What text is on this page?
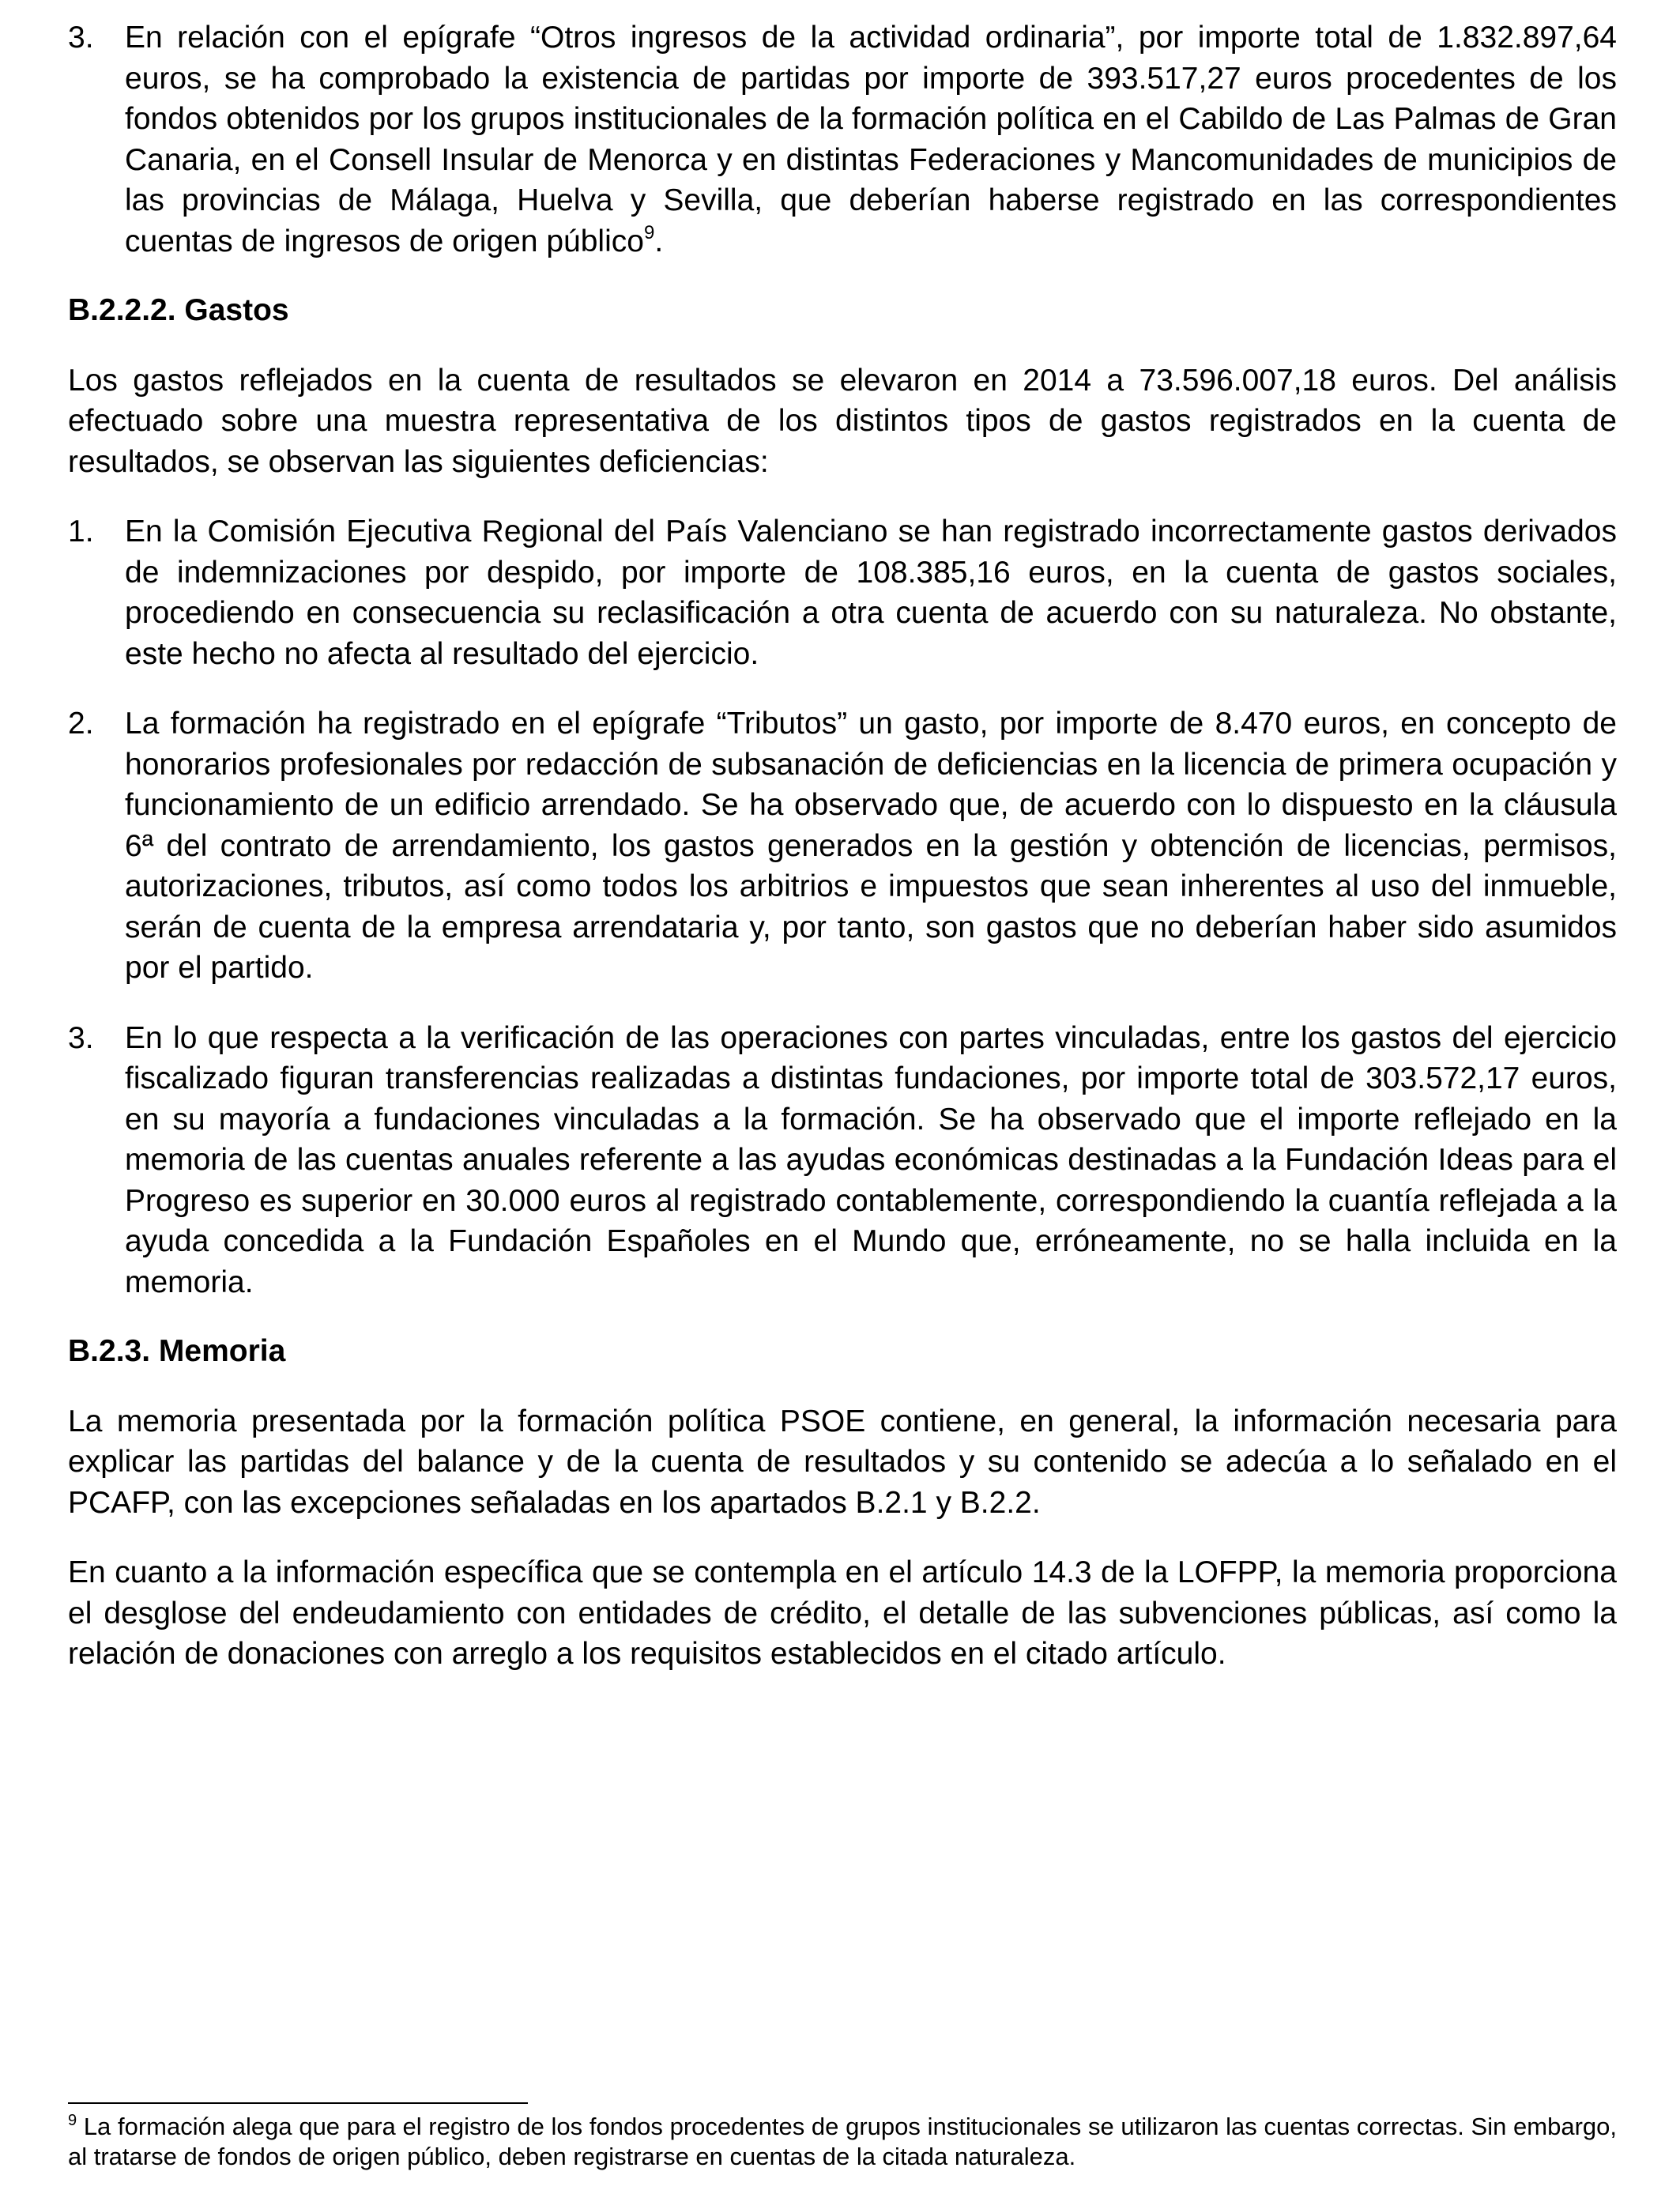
3. En relación con el epígrafe “Otros ingresos de la actividad ordinaria”, por importe total de 1.832.897,64 euros, se ha comprobado la existencia de partidas por importe de 393.517,27 euros procedentes de los fondos obtenidos por los grupos institucionales de la formación política en el Cabildo de Las Palmas de Gran Canaria, en el Consell Insular de Menorca y en distintas Federaciones y Mancomunidades de municipios de las provincias de Málaga, Huelva y Sevilla, que deberían haberse registrado en las correspondientes cuentas de ingresos de origen público$^9$.

B.2.2.2. Gastos

Los gastos reflejados en la cuenta de resultados se elevaron en 2014 a 73.596.007,18 euros. Del análisis efectuado sobre una muestra representativa de los distintos tipos de gastos registrados en la cuenta de resultados, se observan las siguientes deficiencias:

1. En la Comisión Ejecutiva Regional del País Valenciano se han registrado incorrectamente gastos derivados de indemnizaciones por despido, por importe de 108.385,16 euros, en la cuenta de gastos sociales, procediendo en consecuencia su reclasificación a otra cuenta de acuerdo con su naturaleza. No obstante, este hecho no afecta al resultado del ejercicio.
2. La formación ha registrado en el epígrafe “Tributos” un gasto, por importe de 8.470 euros, en concepto de honorarios profesionales por redacción de subsanación de deficiencias en la licencia de primera ocupación y funcionamiento de un edificio arrendado. Se ha observado que, de acuerdo con lo dispuesto en la cláusula 6ª del contrato de arrendamiento, los gastos generados en la gestión y obtención de licencias, permisos, autorizaciones, tributos, así como todos los arbitrios e impuestos que sean inherentes al uso del inmueble, serán de cuenta de la empresa arrendataria y, por tanto, son gastos que no deberían haber sido asumidos por el partido.
3. En lo que respecta a la verificación de las operaciones con partes vinculadas, entre los gastos del ejercicio fiscalizado figuran transferencias realizadas a distintas fundaciones, por importe total de 303.572,17 euros, en su mayoría a fundaciones vinculadas a la formación. Se ha observado que el importe reflejado en la memoria de las cuentas anuales referente a las ayudas económicas destinadas a la Fundación Ideas para el Progreso es superior en 30.000 euros al registrado contablemente, correspondiendo la cuantía reflejada a la ayuda concedida a la Fundación Españoles en el Mundo que, erróneamente, no se halla incluida en la memoria.

B.2.3. Memoria

La memoria presentada por la formación política PSOE contiene, en general, la información necesaria para explicar las partidas del balance y de la cuenta de resultados y su contenido se adecúa a lo señalado en el PCAFP, con las excepciones señaladas en los apartados B.2.1 y B.2.2.

En cuanto a la información específica que se contempla en el artículo 14.3 de la LOFPP, la memoria proporciona el desglose del endeudamiento con entidades de crédito, el detalle de las subvenciones públicas, así como la relación de donaciones con arreglo a los requisitos establecidos en el citado artículo.

$^9$ La formación alega que para el registro de los fondos procedentes de grupos institucionales se utilizaron las cuentas correctas. Sin embargo, al tratarse de fondos de origen público, deben registrarse en cuentas de la citada naturaleza.
